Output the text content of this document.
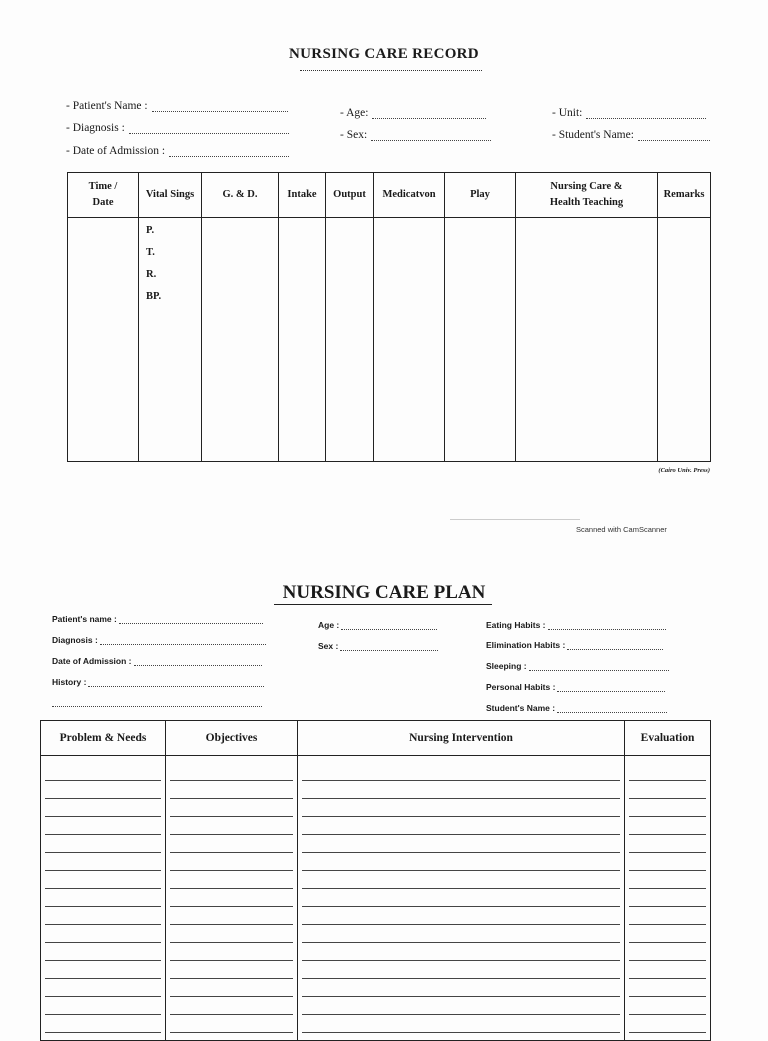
NURSING CARE RECORD
- Patient's Name :
- Diagnosis :
- Date of Admission :
- Age:
- Sex:
- Unit:
- Student's Name:
Time /
Date	Vital Sings	G. & D.	Intake	Output	Medicatvon	Play	Nursing Care &
Health Teaching	Remarks

	P.
T.
R.
BP.							

(Cairo Univ. Press)
Scanned with CamScanner
NURSING CARE PLAN
Patient's name :
Diagnosis :
Date of Admission :
History :
Age :
Sex :
Eating Habits :
Elimination Habits :
Sleeping :
Personal Habits :
Student's Name :
Problem & Needs	Objectives	Nursing Intervention	Evaluation
